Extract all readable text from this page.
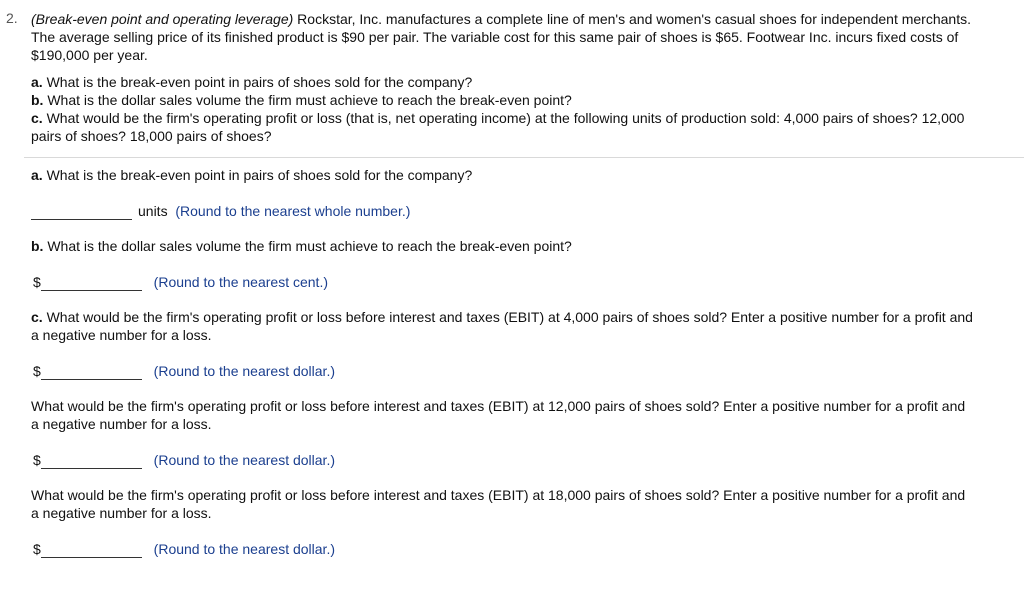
2. (Break-even point and operating leverage) Rockstar, Inc. manufactures a complete line of men's and women's casual shoes for independent merchants.
The average selling price of its finished product is $90 per pair. The variable cost for this same pair of shoes is $65. Footwear Inc. incurs fixed costs of
$190,000 per year.
a. What is the break-even point in pairs of shoes sold for the company?
b. What is the dollar sales volume the firm must achieve to reach the break-even point?
c. What would be the firm's operating profit or loss (that is, net operating income) at the following units of production sold: 4,000 pairs of shoes? 12,000
pairs of shoes? 18,000 pairs of shoes?
a. What is the break-even point in pairs of shoes sold for the company?
units (Round to the nearest whole number.)
b. What is the dollar sales volume the firm must achieve to reach the break-even point?
$	(Round to the nearest cent.)
c. What would be the firm's operating profit or loss before interest and taxes (EBIT) at 4,000 pairs of shoes sold? Enter a positive number for a profit and
a negative number for a loss.
$	(Round to the nearest dollar.)
What would be the firm's operating profit or loss before interest and taxes (EBIT) at 12,000 pairs of shoes sold? Enter a positive number for a profit and
a negative number for a loss.
$	(Round to the nearest dollar.)
What would be the firm's operating profit or loss before interest and taxes (EBIT) at 18,000 pairs of shoes sold? Enter a positive number for a profit and
a negative number for a loss.
$	(Round to the nearest dollar.)
